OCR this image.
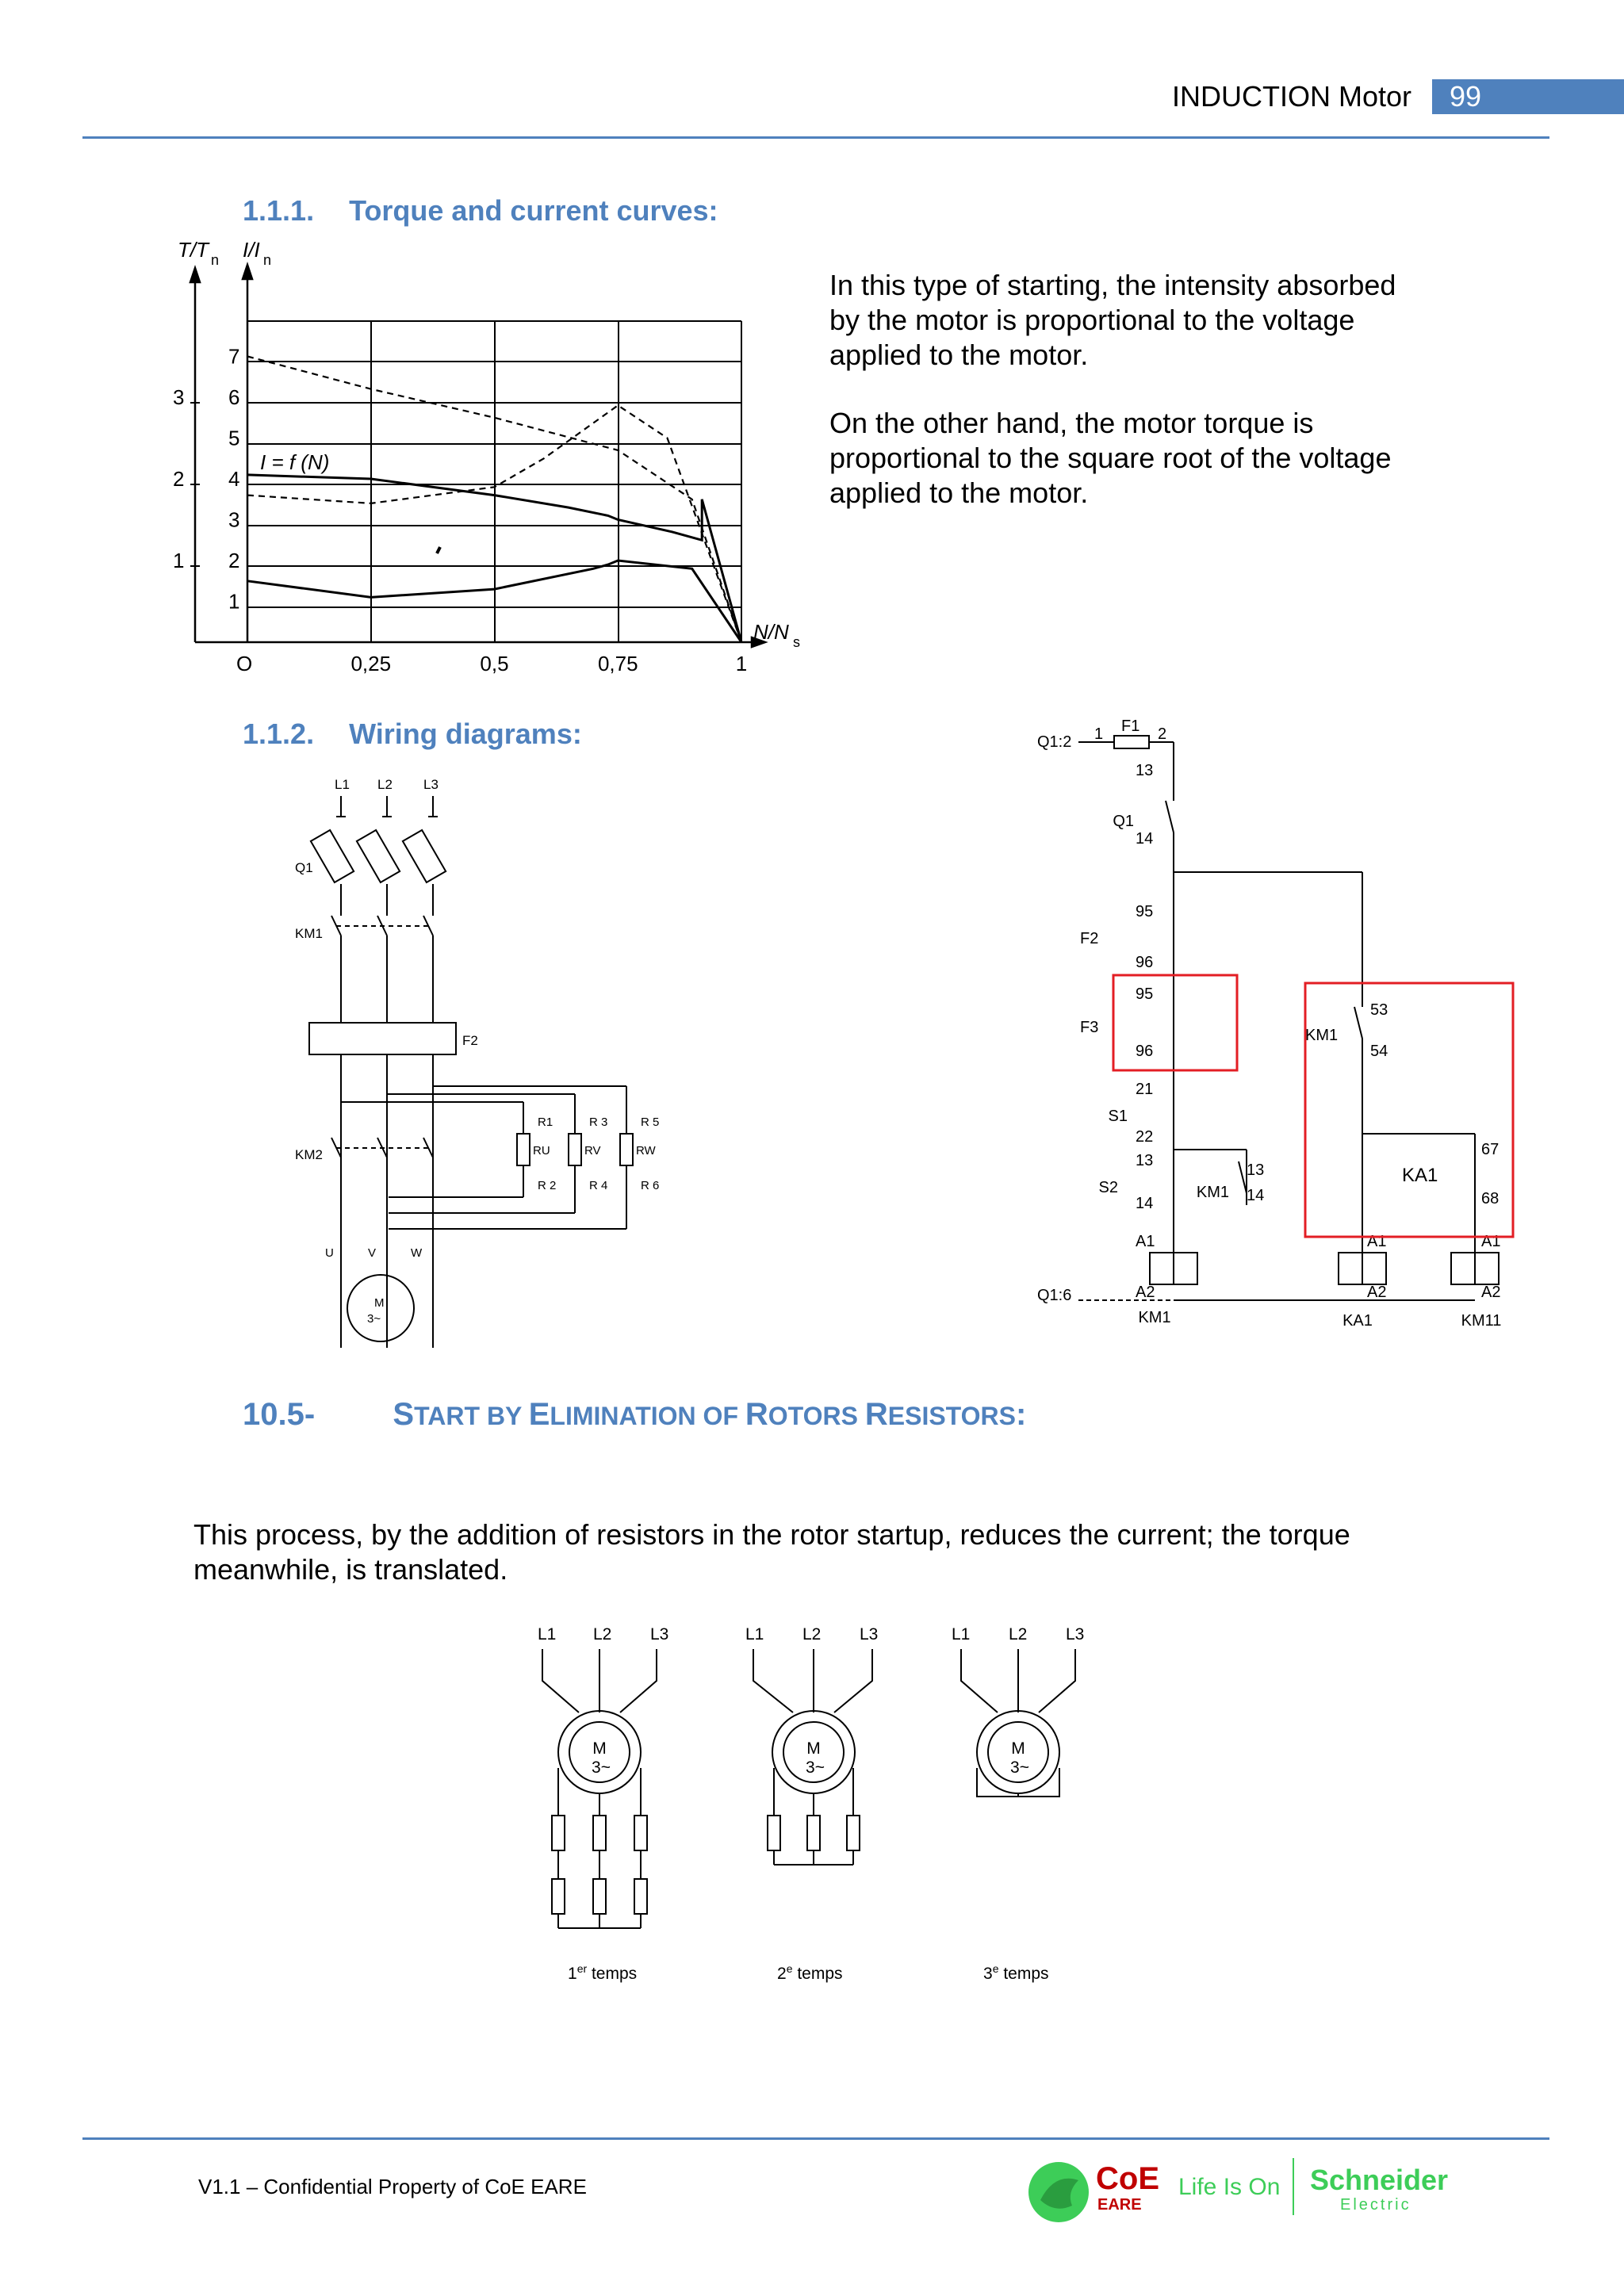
INDUCTION Motor	99
1.1.1. Torque and current curves:
1
2
3
4
5
6
7
1
2
3
O	0,25	0,5	0,75	1
T/T n I/I n
N/N s
I = f (N)
In this type of starting, the intensity absorbed
by the motor is proportional to the voltage
applied to the motor.
On the other hand, the motor torque is
proportional to the square root of the voltage
applied to the motor.
1.1.2. Wiring diagrams:
L1 L2 L3
Q1
KM1
F2
KM2
R1	R 3	R 5
RU	RV	RW
R 2	R 4	R 6
U	V	W
M
3~
Q1:2 1 F1 2
13
14
95
96
95
96
21
22
13
14
13
14
53
54
67
68
A1
A2
A1
A2
A1
A2
Q1
F2
F3
S1
S2	KM1
KM1
KA1
Q1:6
KM1	KA1	KM11
10.5- START BY ELIMINATION OF ROTORS RESISTORS:
This process, by the addition of resistors in the rotor startup, reduces the current; the torque
meanwhile, is translated.
L1 L2 L3	L1 L2 L3	L1 L2 L3
M
3~
M
3~
M
3~
1er temps	2e temps	3e temps
V1.1 – Confidential Property of CoE EARE	CoE
EARE
Life Is On Schneider
Electric
